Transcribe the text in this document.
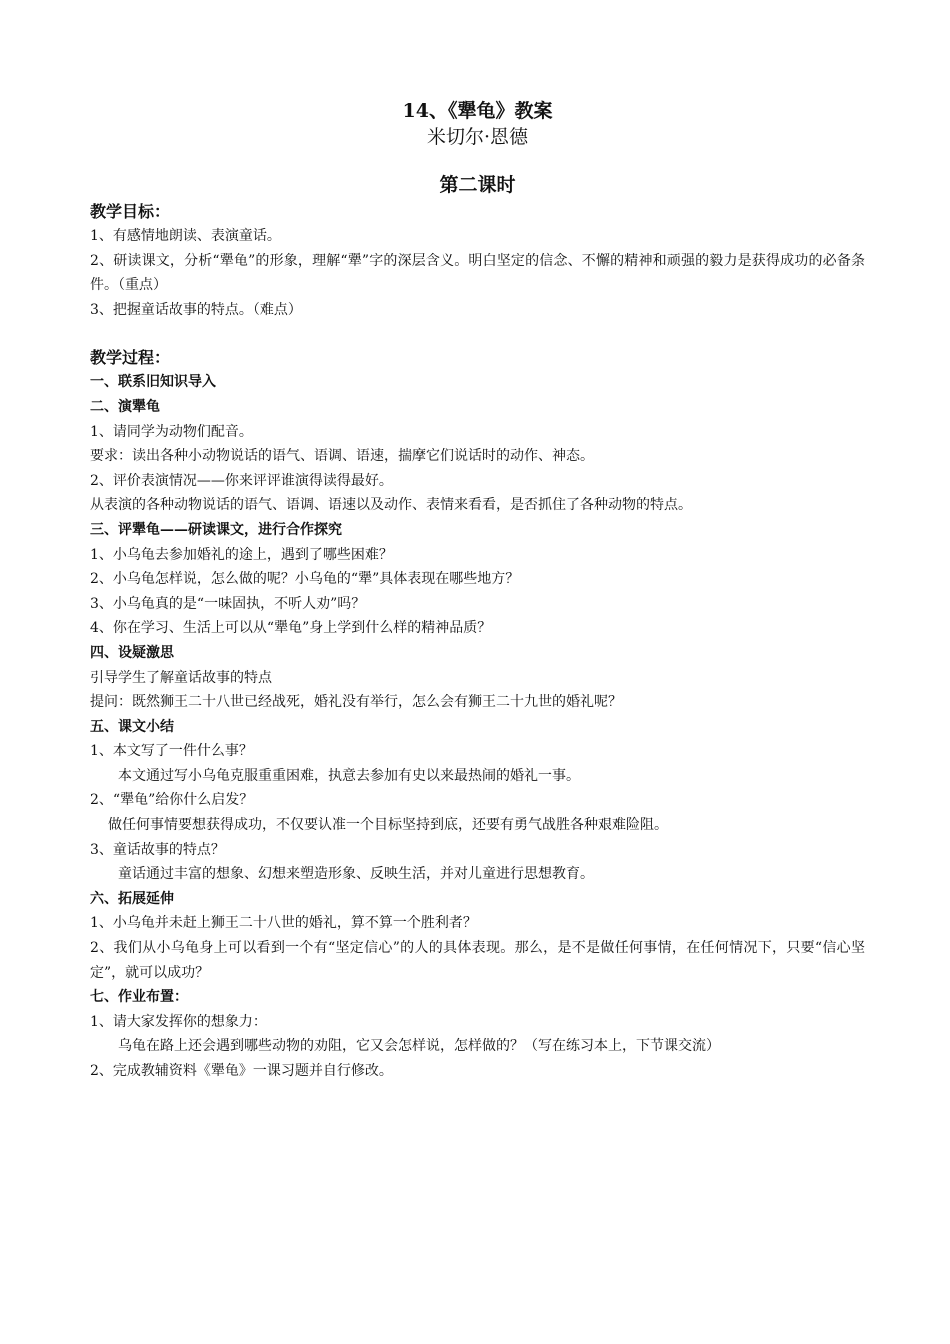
14、《犟龟》教案
米切尔·恩德
第二课时
教学目标：
1、有感情地朗读、表演童话。
2、研读课文，分析“犟龟”的形象，理解“犟”字的深层含义。明白坚定的信念、不懈的精神和顽强的毅力是获得成功的必备条件。（重点）
3、把握童话故事的特点。（难点）
教学过程：
一、联系旧知识导入
二、演犟龟
1、请同学为动物们配音。
要求：读出各种小动物说话的语气、语调、语速，揣摩它们说话时的动作、神态。
2、评价表演情况——你来评评谁演得读得最好。
从表演的各种动物说话的语气、语调、语速以及动作、表情来看看，是否抓住了各种动物的特点。
三、评犟龟——研读课文，进行合作探究
1、小乌龟去参加婚礼的途上，遇到了哪些困难？
2、小乌龟怎样说，怎么做的呢？小乌龟的“犟”具体表现在哪些地方？
3、小乌龟真的是“一味固执，不听人劝”吗？
4、你在学习、生活上可以从“犟龟”身上学到什么样的精神品质？
四、设疑激思
引导学生了解童话故事的特点
提问：既然狮王二十八世已经战死，婚礼没有举行，怎么会有狮王二十九世的婚礼呢？
五、课文小结
1、本文写了一件什么事？
本文通过写小乌龟克服重重困难，执意去参加有史以来最热闹的婚礼一事。
2、“犟龟”给你什么启发？
做任何事情要想获得成功，不仅要认准一个目标坚持到底，还要有勇气战胜各种艰难险阻。
3、童话故事的特点？
童话通过丰富的想象、幻想来塑造形象、反映生活，并对儿童进行思想教育。
六、拓展延伸
1、小乌龟并未赶上狮王二十八世的婚礼，算不算一个胜利者？
2、我们从小乌龟身上可以看到一个有“坚定信心”的人的具体表现。那么，是不是做任何事情，在任何情况下，只要“信心坚定”，就可以成功？
七、作业布置：
1、请大家发挥你的想象力：
乌龟在路上还会遇到哪些动物的劝阻，它又会怎样说，怎样做的？（写在练习本上，下节课交流）
2、完成教辅资料《犟龟》一课习题并自行修改。
